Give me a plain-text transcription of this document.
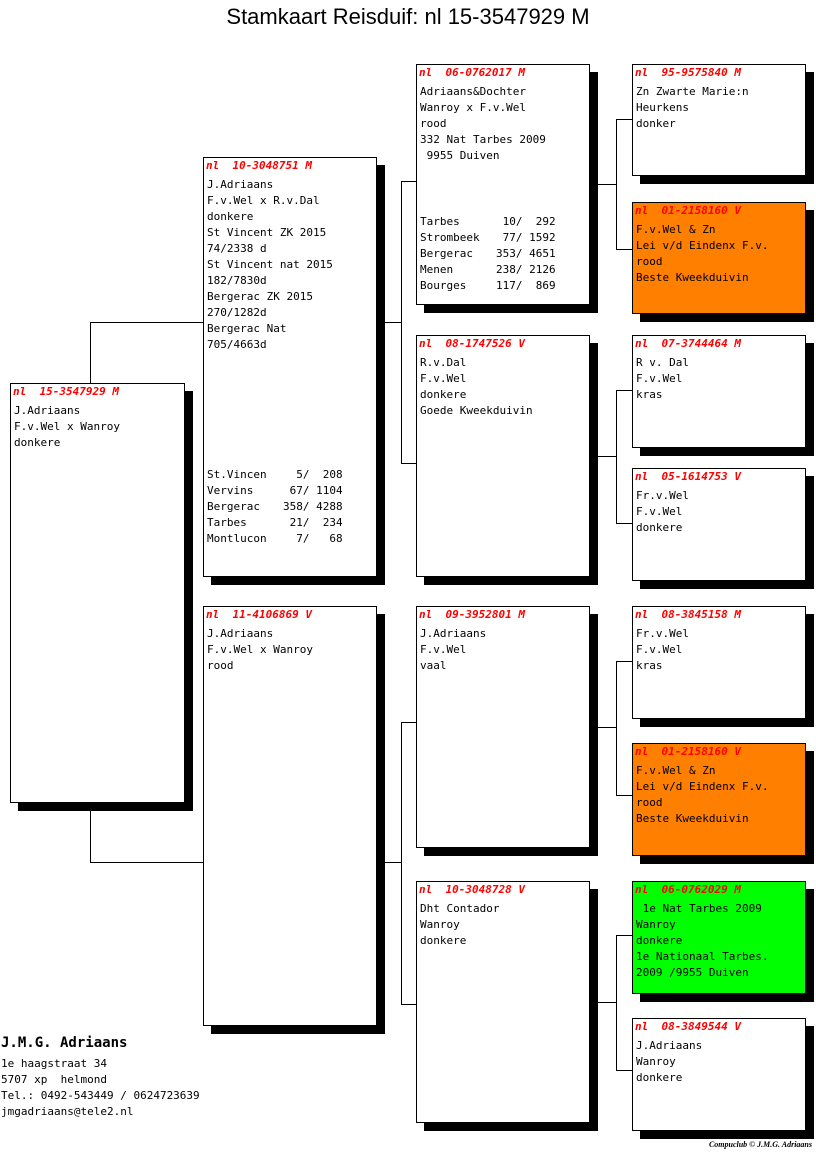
Stamkaart Reisduif: nl 15-3547929 M
nl  15-3547929 M
J.Adriaans
F.v.Wel x Wanroy
donkere
nl  10-3048751 M
J.Adriaans
F.v.Wel x R.v.Dal
donkere
St Vincent ZK 2015
74/2338 d
St Vincent nat 2015
182/7830d
Bergerac ZK 2015
270/1282d
Bergerac Nat
705/4663d
St.Vincen  5/  208
Vervins	67/ 1104
Bergerac 358/ 4288
Tarbes	21/  234
Montlucon  7/   68
nl  11-4106869 V
J.Adriaans
F.v.Wel x Wanroy
rood
nl  06-0762017 M
Adriaans&Dochter
Wanroy x F.v.Wel
rood
332 Nat Tarbes 2009
9955 Duiven
Tarbes	10/  292
Strombeek 77/ 1592
Bergerac 353/ 4651
Menen	238/ 2126
Bourges	117/  869
nl  08-1747526 V
R.v.Dal
F.v.Wel
donkere
Goede Kweekduivin
nl  09-3952801 M
J.Adriaans
F.v.Wel
vaal
nl  10-3048728 V
Dht Contador
Wanroy
donkere
nl  95-9575840 M
Zn Zwarte Marie:n
Heurkens
donker
nl  01-2158160 V
F.v.Wel & Zn
Lei v/d Eindenx F.v.
rood
Beste Kweekduivin
nl  07-3744464 M
R v. Dal
F.v.Wel
kras
nl  05-1614753 V
Fr.v.Wel
F.v.Wel
donkere
nl  08-3845158 M
Fr.v.Wel
F.v.Wel
kras
nl  01-2158160 V
F.v.Wel & Zn
Lei v/d Eindenx F.v.
rood
Beste Kweekduivin
nl  06-0762029 M
1e Nat Tarbes 2009
Wanroy
donkere
1e Nationaal Tarbes.
2009 /9955 Duiven
nl  08-3849544 V
J.Adriaans
Wanroy
donkere
J.M.G. Adriaans
1e haagstraat 34
5707 xp  helmond
Tel.: 0492-543449 / 0624723639
jmgadriaans@tele2.nl
Compuclub © J.M.G. Adriaans
